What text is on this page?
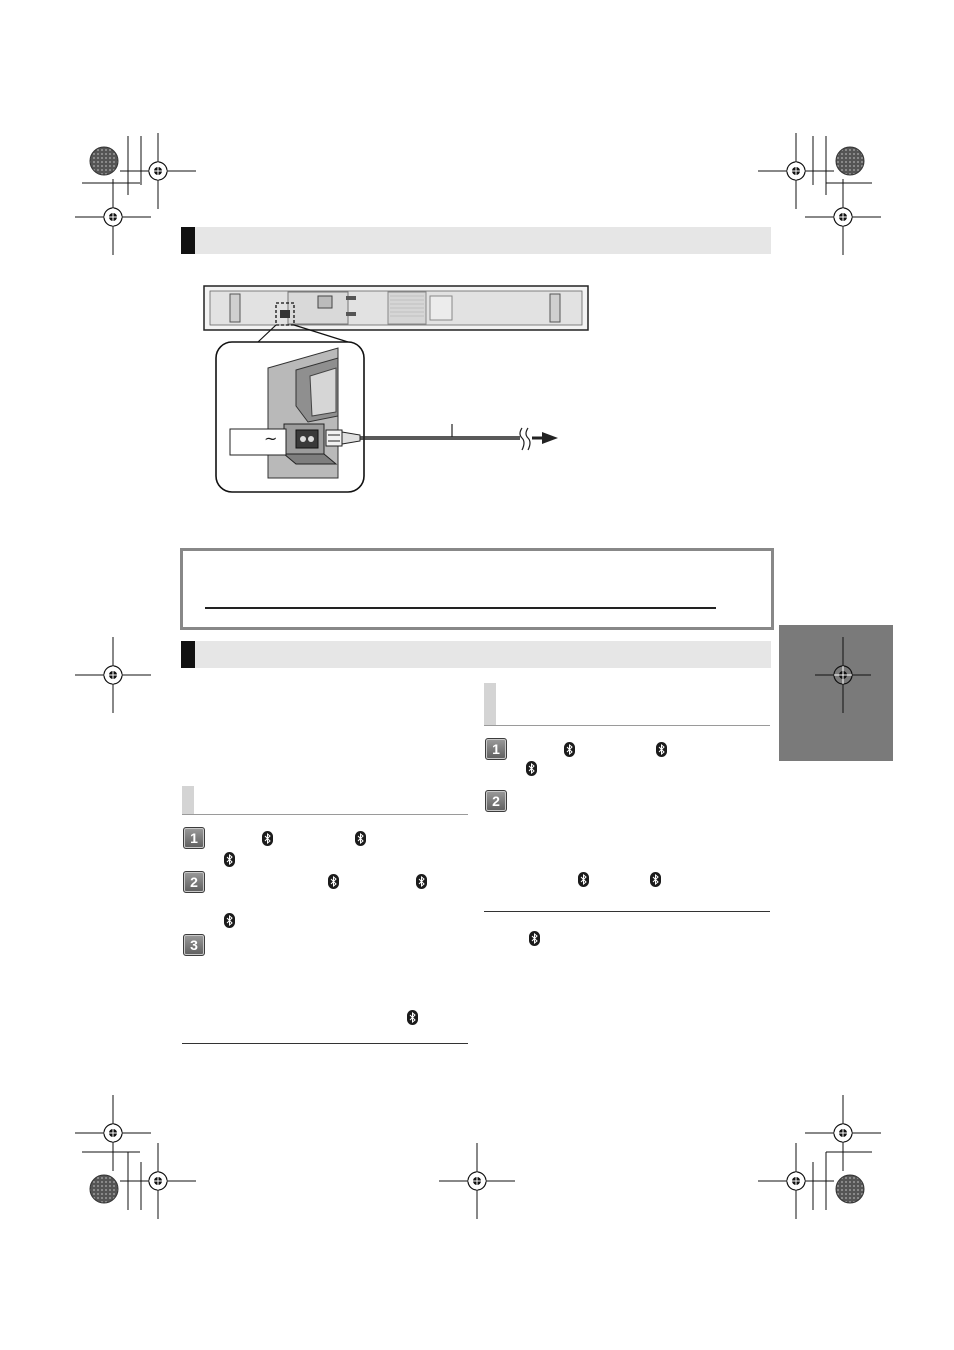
~
1
2
3
1
2
